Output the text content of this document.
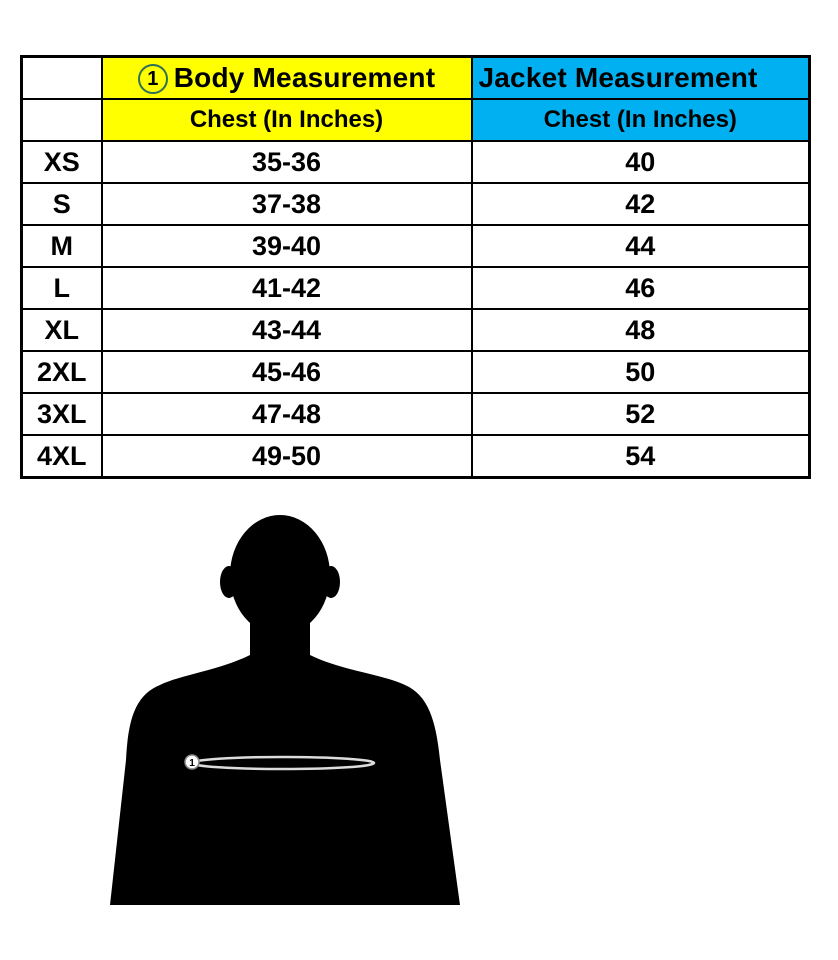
	1 Body Measurement	Jacket Measurement
	Chest (In Inches)	Chest (In Inches)
XS	35-36	40
S	37-38	42
M	39-40	44
L	41-42	46
XL	43-44	48
2XL	45-46	50
3XL	47-48	52
4XL	49-50	54
1
